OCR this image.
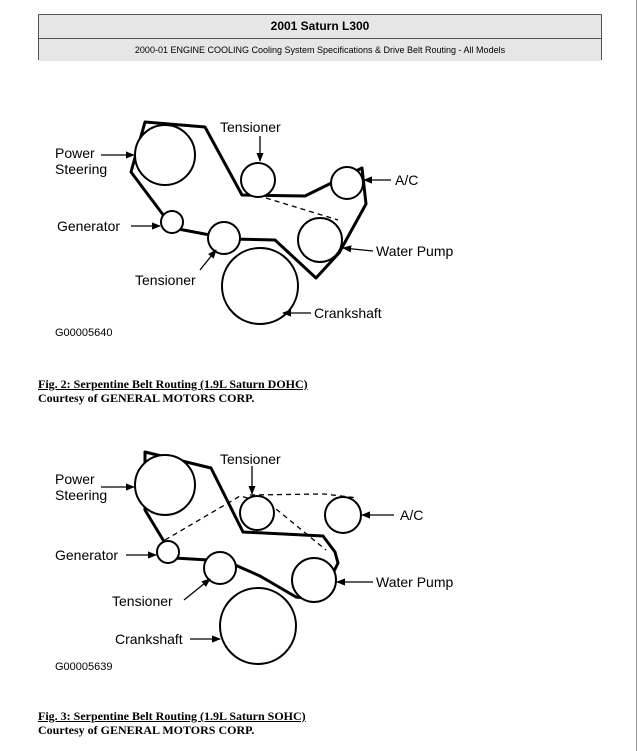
2001 Saturn L300
2000-01 ENGINE COOLING Cooling System Specifications & Drive Belt Routing - All Models
Power
Steering
Tensioner
A/C
Generator
Water Pump
Tensioner
Crankshaft
G00005640
Fig. 2: Serpentine Belt Routing (1.9L Saturn DOHC)
Courtesy of GENERAL MOTORS CORP.
Power
Steering
Tensioner
A/C
Generator
Water Pump
Tensioner
Crankshaft
G00005639
Fig. 3: Serpentine Belt Routing (1.9L Saturn SOHC)
Courtesy of GENERAL MOTORS CORP.
